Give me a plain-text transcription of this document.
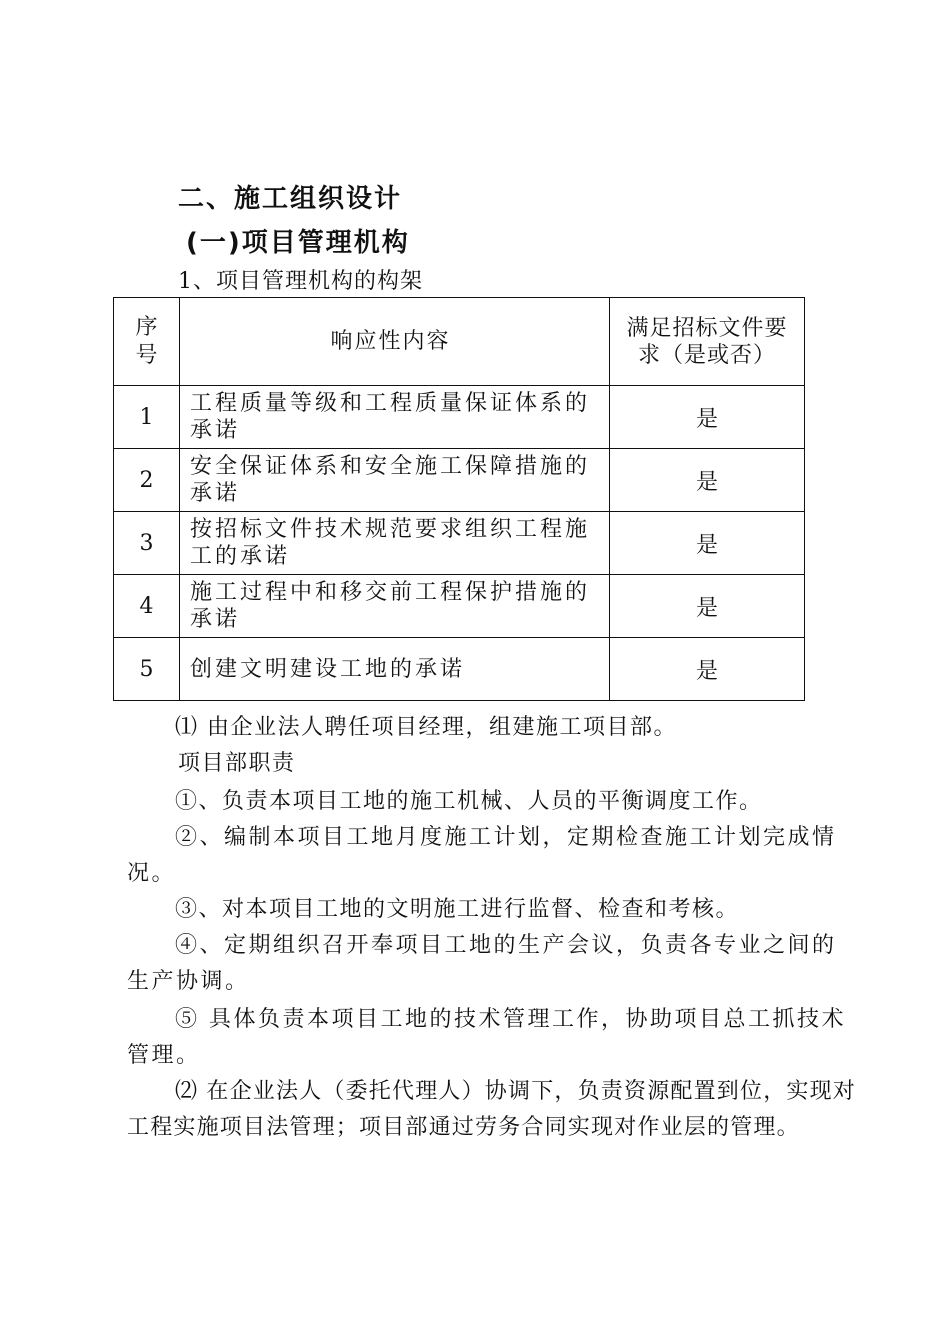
二、施工组织设计
(一)项目管理机构
1、项目管理机构的构架
序号	响应性内容	满足招标文件要求（是或否）
1	工程质量等级和工程质量保证体系的承诺	是
2	安全保证体系和安全施工保障措施的承诺	是
3	按招标文件技术规范要求组织工程施工的承诺	是
4	施工过程中和移交前工程保护措施的承诺	是
5	创建文明建设工地的承诺	是
⑴ 由企业法人聘任项目经理，组建施工项目部。
项目部职责
①、负责本项目工地的施工机械、人员的平衡调度工作。
②、编制本项目工地月度施工计划，定期检查施工计划完成情况。
③、对本项目工地的文明施工进行监督、检查和考核。
④、定期组织召开奉项目工地的生产会议，负责各专业之间的生产协调。
⑤ 具体负责本项目工地的技术管理工作，协助项目总工抓技术管理。
⑵ 在企业法人（委托代理人）协调下，负责资源配置到位，实现对工程实施项目法管理；项目部通过劳务合同实现对作业层的管理。
